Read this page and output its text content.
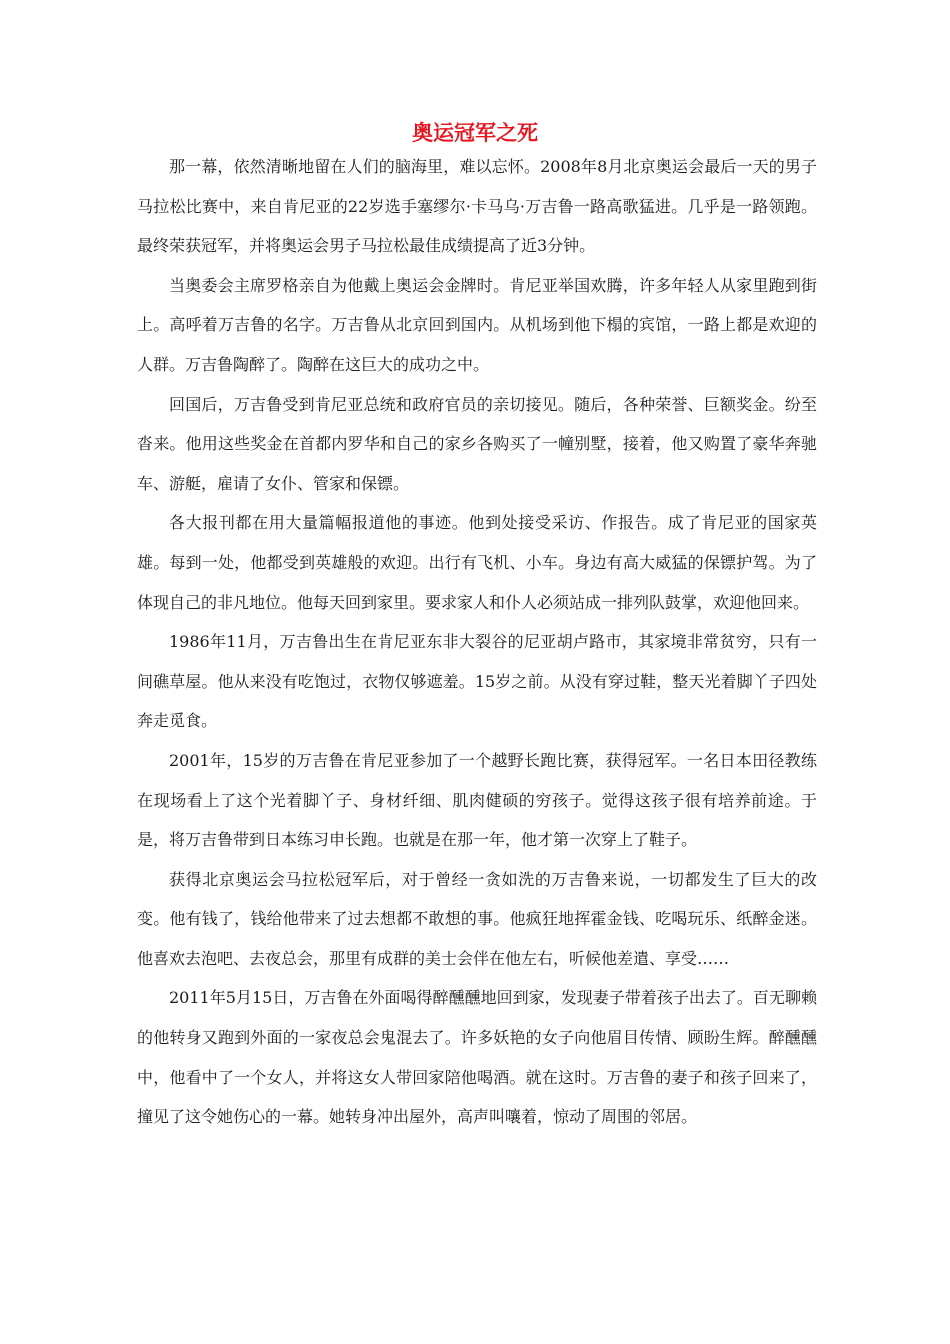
奥运冠军之死

那一幕，依然清晰地留在人们的脑海里，难以忘怀。2008年8月北京奥运会最后一天的男子马拉松比赛中，来自肯尼亚的22岁选手塞缪尔·卡马乌·万吉鲁一路高歌猛进。几乎是一路领跑。最终荣获冠军，并将奥运会男子马拉松最佳成绩提高了近3分钟。

当奥委会主席罗格亲自为他戴上奥运会金牌时。肯尼亚举国欢腾，许多年轻人从家里跑到街上。高呼着万吉鲁的名字。万吉鲁从北京回到国内。从机场到他下榻的宾馆，一路上都是欢迎的人群。万吉鲁陶醉了。陶醉在这巨大的成功之中。

回国后，万吉鲁受到肯尼亚总统和政府官员的亲切接见。随后，各种荣誉、巨额奖金。纷至沓来。他用这些奖金在首都内罗华和自己的家乡各购买了一幢别墅，接着，他又购置了豪华奔驰车、游艇，雇请了女仆、管家和保镖。

各大报刊都在用大量篇幅报道他的事迹。他到处接受采访、作报告。成了肯尼亚的国家英雄。每到一处，他都受到英雄般的欢迎。出行有飞机、小车。身边有高大威猛的保镖护驾。为了体现自己的非凡地位。他每天回到家里。要求家人和仆人必须站成一排列队鼓掌，欢迎他回来。

1986年11月，万吉鲁出生在肯尼亚东非大裂谷的尼亚胡卢路市，其家境非常贫穷，只有一间礁草屋。他从来没有吃饱过，衣物仅够遮羞。15岁之前。从没有穿过鞋，整天光着脚丫子四处奔走觅食。

2001年，15岁的万吉鲁在肯尼亚参加了一个越野长跑比赛，获得冠军。一名日本田径教练在现场看上了这个光着脚丫子、身材纤细、肌肉健硕的穷孩子。觉得这孩子很有培养前途。于是，将万吉鲁带到日本练习申长跑。也就是在那一年，他才第一次穿上了鞋子。

获得北京奥运会马拉松冠军后，对于曾经一贪如洗的万吉鲁来说，一切都发生了巨大的改变。他有钱了，钱给他带来了过去想都不敢想的事。他疯狂地挥霍金钱、吃喝玩乐、纸醉金迷。他喜欢去泡吧、去夜总会，那里有成群的美士会伴在他左右，听候他差遣、享受……

2011年5月15日，万吉鲁在外面喝得醉醺醺地回到家，发现妻子带着孩子出去了。百无聊赖的他转身又跑到外面的一家夜总会鬼混去了。许多妖艳的女子向他眉目传情、顾盼生辉。醉醺醺中，他看中了一个女人，并将这女人带回家陪他喝酒。就在这时。万吉鲁的妻子和孩子回来了，撞见了这令她伤心的一幕。她转身冲出屋外，高声叫嚷着，惊动了周围的邻居。
